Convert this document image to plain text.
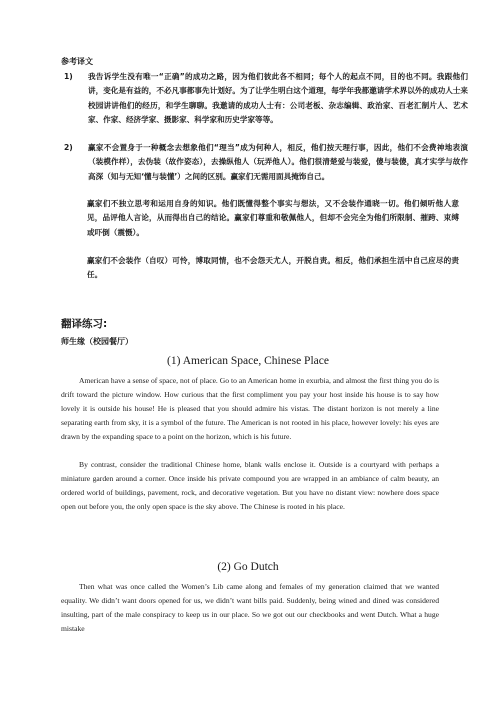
参考译文
1)	我告诉学生没有唯一“正确”的成功之路，因为他们彼此各不相同；每个人的起点不同，目的也不同。我跟他们讲，变化是有益的，不必凡事都事先计划好。为了让学生明白这个道理，每学年我都邀请学术界以外的成功人士来校园讲讲他们的经历，和学生聊聊。我邀请的成功人士有：公司老板、杂志编辑、政治家、百老汇制片人、艺术家、作家、经济学家、摄影家、科学家和历史学家等等。
2)	赢家不会置身于一种概念去想象他们“理当”成为何种人，相反，他们按天理行事，因此，他们不会费神地表演（装模作样），去伪装（故作姿态），去操纵他人（玩弄他人）。他们很清楚爱与装爱，傻与装傻，真才实学与故作高深（知与无知‘懂与装懂’）之间的区别。赢家们无需用面具掩饰自己。
赢家们不独立思考和运用自身的知识。他们既懂得整个事实与想法，又不会装作通晓一切。他们倾听他人意见，品评他人言论，从而得出自己的结论。赢家们尊重和敬佩他人，但却不会完全为他们所限制、摧跨、束缚或吓倒（震慑）。
赢家们不会装作（自叹）可怜，博取同情，也不会怨天尤人，开脱自责。相反，他们承担生活中自己应尽的责任。
翻译练习:
师生缘（校园餐厅）
(1) American Space, Chinese Place
American have a sense of space, not of place. Go to an American home in exurbia, and almost the first thing you do is drift toward the picture window. How curious that the first compliment you pay your host inside his house is to say how lovely it is outside his house! He is pleased that you should admire his vistas. The distant horizon is not merely a line separating earth from sky, it is a symbol of the future. The American is not rooted in his place, however lovely: his eyes are drawn by the expanding space to a point on the horizon, which is his future.
By contrast, consider the traditional Chinese home, blank walls enclose it. Outside is a courtyard with perhaps a miniature garden around a corner. Once inside his private compound you are wrapped in an ambiance of calm beauty, an ordered world of buildings, pavement, rock, and decorative vegetation. But you have no distant view: nowhere does space open out before you, the only open space is the sky above. The Chinese is rooted in his place.
(2) Go Dutch
Then what was once called the Women’s Lib came along and females of my generation claimed that we wanted equality. We didn’t want doors opened for us, we didn’t want bills paid. Suddenly, being wined and dined was considered insulting, part of the male conspiracy to keep us in our place. So we got out our checkbooks and went Dutch. What a huge mistake
